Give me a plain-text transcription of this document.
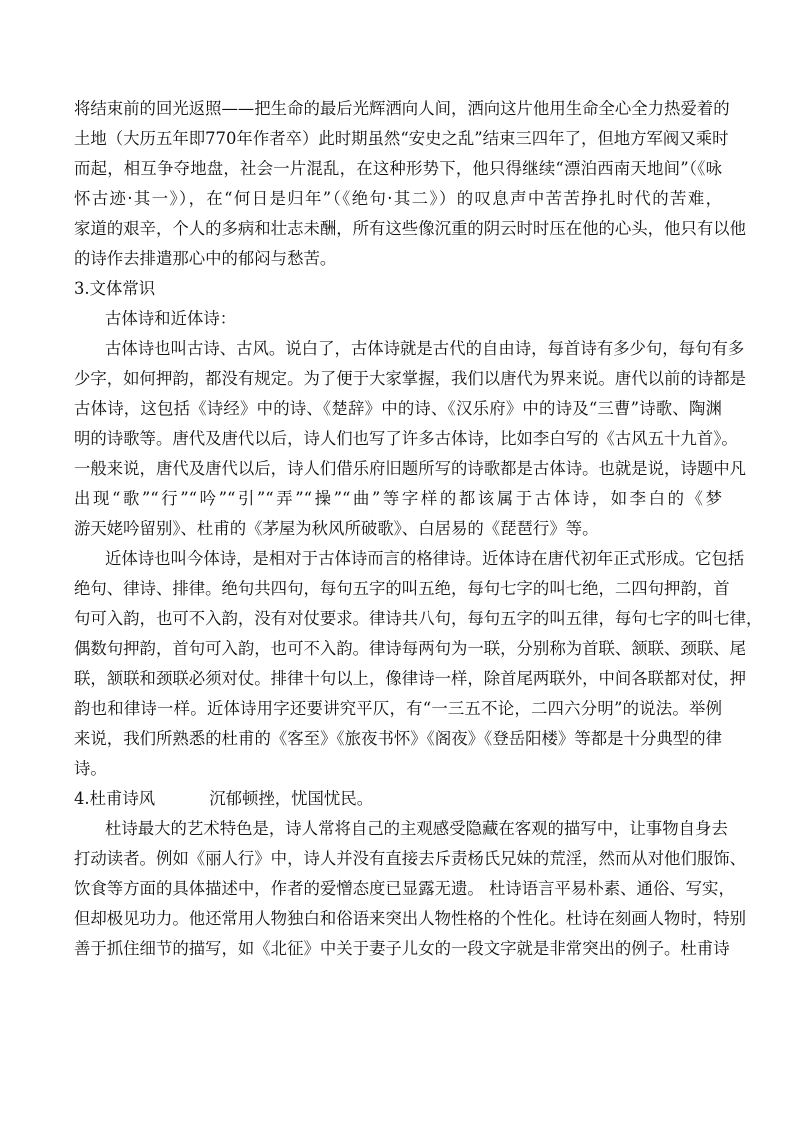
将结束前的回光返照——把生命的最后光辉洒向人间，洒向这片他用生命全心全力热爱着的
土地（大历五年即770年作者卒）此时期虽然“安史之乱”结束三四年了，但地方军阀又乘时
而起，相互争夺地盘，社会一片混乱，在这种形势下，他只得继续“漂泊西南天地间”（《咏
怀古迹·其一》），在“何日是归年”（《绝句·其二》）的叹息声中苦苦挣扎时代的苦难，
家道的艰辛，个人的多病和壮志未酬，所有这些像沉重的阴云时时压在他的心头，他只有以他
的诗作去排遣那心中的郁闷与愁苦。
3.文体常识
古体诗和近体诗：
古体诗也叫古诗、古风。说白了，古体诗就是古代的自由诗，每首诗有多少句，每句有多
少字，如何押韵，都没有规定。为了便于大家掌握，我们以唐代为界来说。唐代以前的诗都是
古体诗，这包括《诗经》中的诗、《楚辞》中的诗、《汉乐府》中的诗及“三曹”诗歌、陶渊
明的诗歌等。唐代及唐代以后，诗人们也写了许多古体诗，比如李白写的《古风五十九首》。
一般来说，唐代及唐代以后，诗人们借乐府旧题所写的诗歌都是古体诗。也就是说，诗题中凡
出现“歌”“行”“吟”“引”“弄”“操”“曲”等字样的都该属于古体诗，如李白的《梦
游天姥吟留别》、杜甫的《茅屋为秋风所破歌》、白居易的《琵琶行》等。
近体诗也叫今体诗，是相对于古体诗而言的格律诗。近体诗在唐代初年正式形成。它包括
绝句、律诗、排律。绝句共四句，每句五字的叫五绝，每句七字的叫七绝，二四句押韵，首
句可入韵，也可不入韵，没有对仗要求。律诗共八句，每句五字的叫五律，每句七字的叫七律，
偶数句押韵，首句可入韵，也可不入韵。律诗每两句为一联，分别称为首联、颔联、颈联、尾
联，颔联和颈联必须对仗。排律十句以上，像律诗一样，除首尾两联外，中间各联都对仗，押
韵也和律诗一样。近体诗用字还要讲究平仄，有“一三五不论，二四六分明”的说法。举例
来说，我们所熟悉的杜甫的《客至》《旅夜书怀》《阁夜》《登岳阳楼》等都是十分典型的律
诗。
4.杜甫诗风	沉郁顿挫，忧国忧民。
杜诗最大的艺术特色是，诗人常将自己的主观感受隐藏在客观的描写中，让事物自身去
打动读者。例如《丽人行》中，诗人并没有直接去斥责杨氏兄妹的荒淫，然而从对他们服饰、
饮食等方面的具体描述中，作者的爱憎态度已显露无遗。 杜诗语言平易朴素、通俗、写实，
但却极见功力。他还常用人物独白和俗语来突出人物性格的个性化。杜诗在刻画人物时，特别
善于抓住细节的描写，如《北征》中关于妻子儿女的一段文字就是非常突出的例子。杜甫诗
